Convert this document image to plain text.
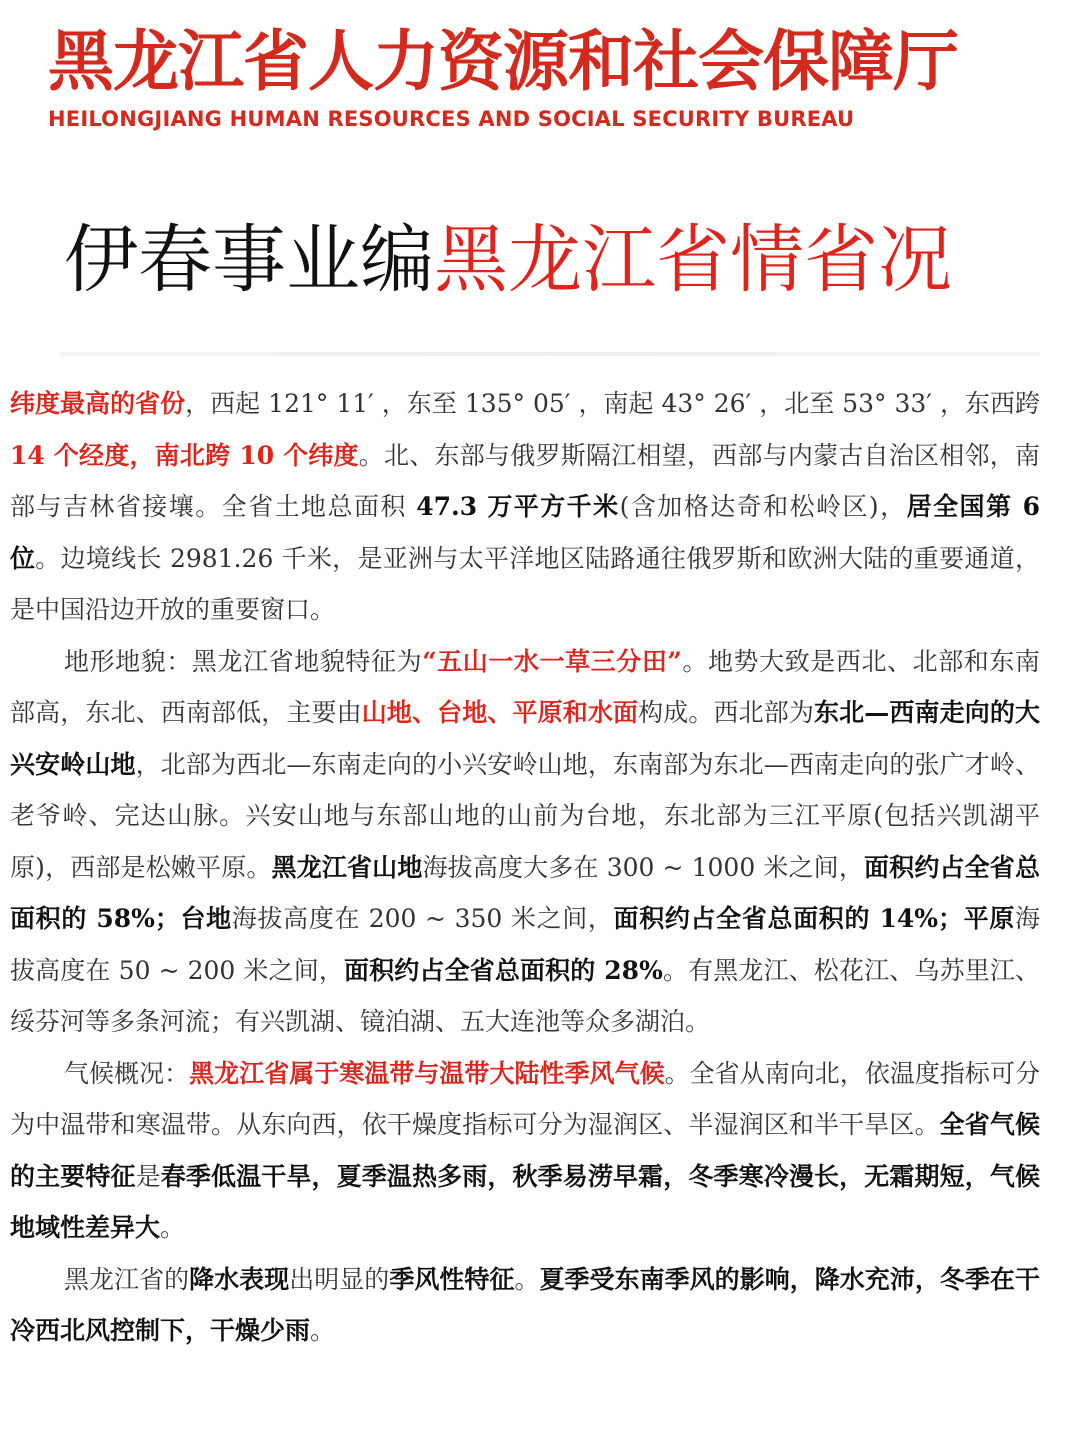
黑龙江省人力资源和社会保障厅
HEILONGJIANG HUMAN RESOURCES AND SOCIAL SECURITY BUREAU
伊春事业编黑龙江省情省况

纬度最高的省份，西起 121° 11′ ，东至 135° 05′ ，南起 43° 26′ ，北至 53° 33′ ，东西跨 14 个经度，南北跨 10 个纬度。北、东部与俄罗斯隔江相望，西部与内蒙古自治区相邻，南部与吉林省接壤。全省土地总面积 47.3 万平方千米(含加格达奇和松岭区)，居全国第 6 位。边境线长 2981.26 千米，是亚洲与太平洋地区陆路通往俄罗斯和欧洲大陆的重要通道，是中国沿边开放的重要窗口。

地形地貌：黑龙江省地貌特征为“五山一水一草三分田”。地势大致是西北、北部和东南部高，东北、西南部低，主要由山地、台地、平原和水面构成。西北部为东北—西南走向的大兴安岭山地，北部为西北—东南走向的小兴安岭山地，东南部为东北—西南走向的张广才岭、老爷岭、完达山脉。兴安山地与东部山地的山前为台地，东北部为三江平原(包括兴凯湖平原)，西部是松嫩平原。黑龙江省山地海拔高度大多在 300 ~ 1000 米之间，面积约占全省总面积的 58%；台地海拔高度在 200 ~ 350 米之间，面积约占全省总面积的 14%；平原海拔高度在 50 ~ 200 米之间，面积约占全省总面积的 28%。有黑龙江、松花江、乌苏里江、绥芬河等多条河流；有兴凯湖、镜泊湖、五大连池等众多湖泊。

气候概况：黑龙江省属于寒温带与温带大陆性季风气候。全省从南向北，依温度指标可分为中温带和寒温带。从东向西，依干燥度指标可分为湿润区、半湿润区和半干旱区。全省气候的主要特征是春季低温干旱，夏季温热多雨，秋季易涝早霜，冬季寒冷漫长，无霜期短，气候地域性差异大。

黑龙江省的降水表现出明显的季风性特征。夏季受东南季风的影响，降水充沛，冬季在干冷西北风控制下，干燥少雨。
